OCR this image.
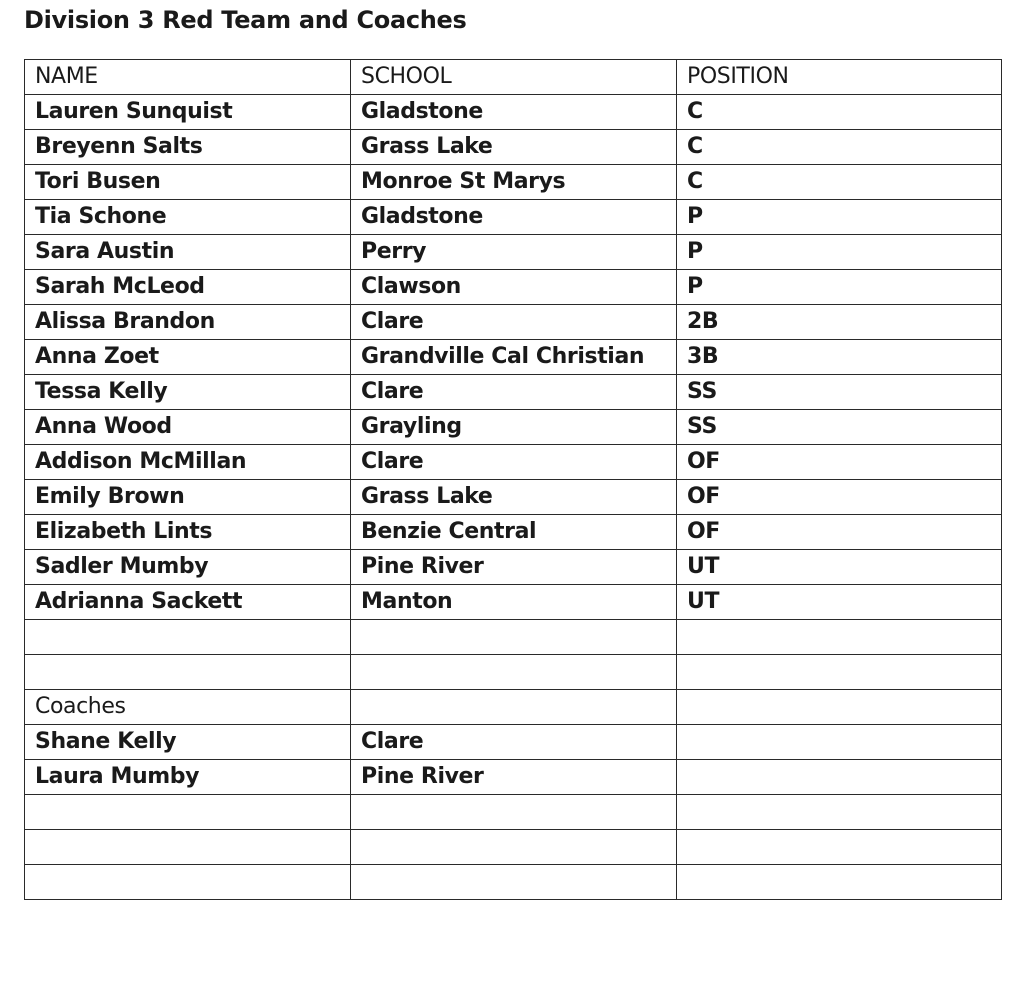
Division 3 Red Team and Coaches
NAME	SCHOOL	POSITION
Lauren Sunquist	Gladstone	C
Breyenn Salts	Grass Lake	C
Tori Busen	Monroe St Marys	C
Tia Schone	Gladstone	P
Sara Austin	Perry	P
Sarah McLeod	Clawson	P
Alissa Brandon	Clare	2B
Anna Zoet	Grandville Cal Christian	3B
Tessa Kelly	Clare	SS
Anna Wood	Grayling	SS
Addison McMillan	Clare	OF
Emily Brown	Grass Lake	OF
Elizabeth Lints	Benzie Central	OF
Sadler Mumby	Pine River	UT
Adrianna Sackett	Manton	UT

Coaches		
Shane Kelly	Clare	
Laura Mumby	Pine River	
